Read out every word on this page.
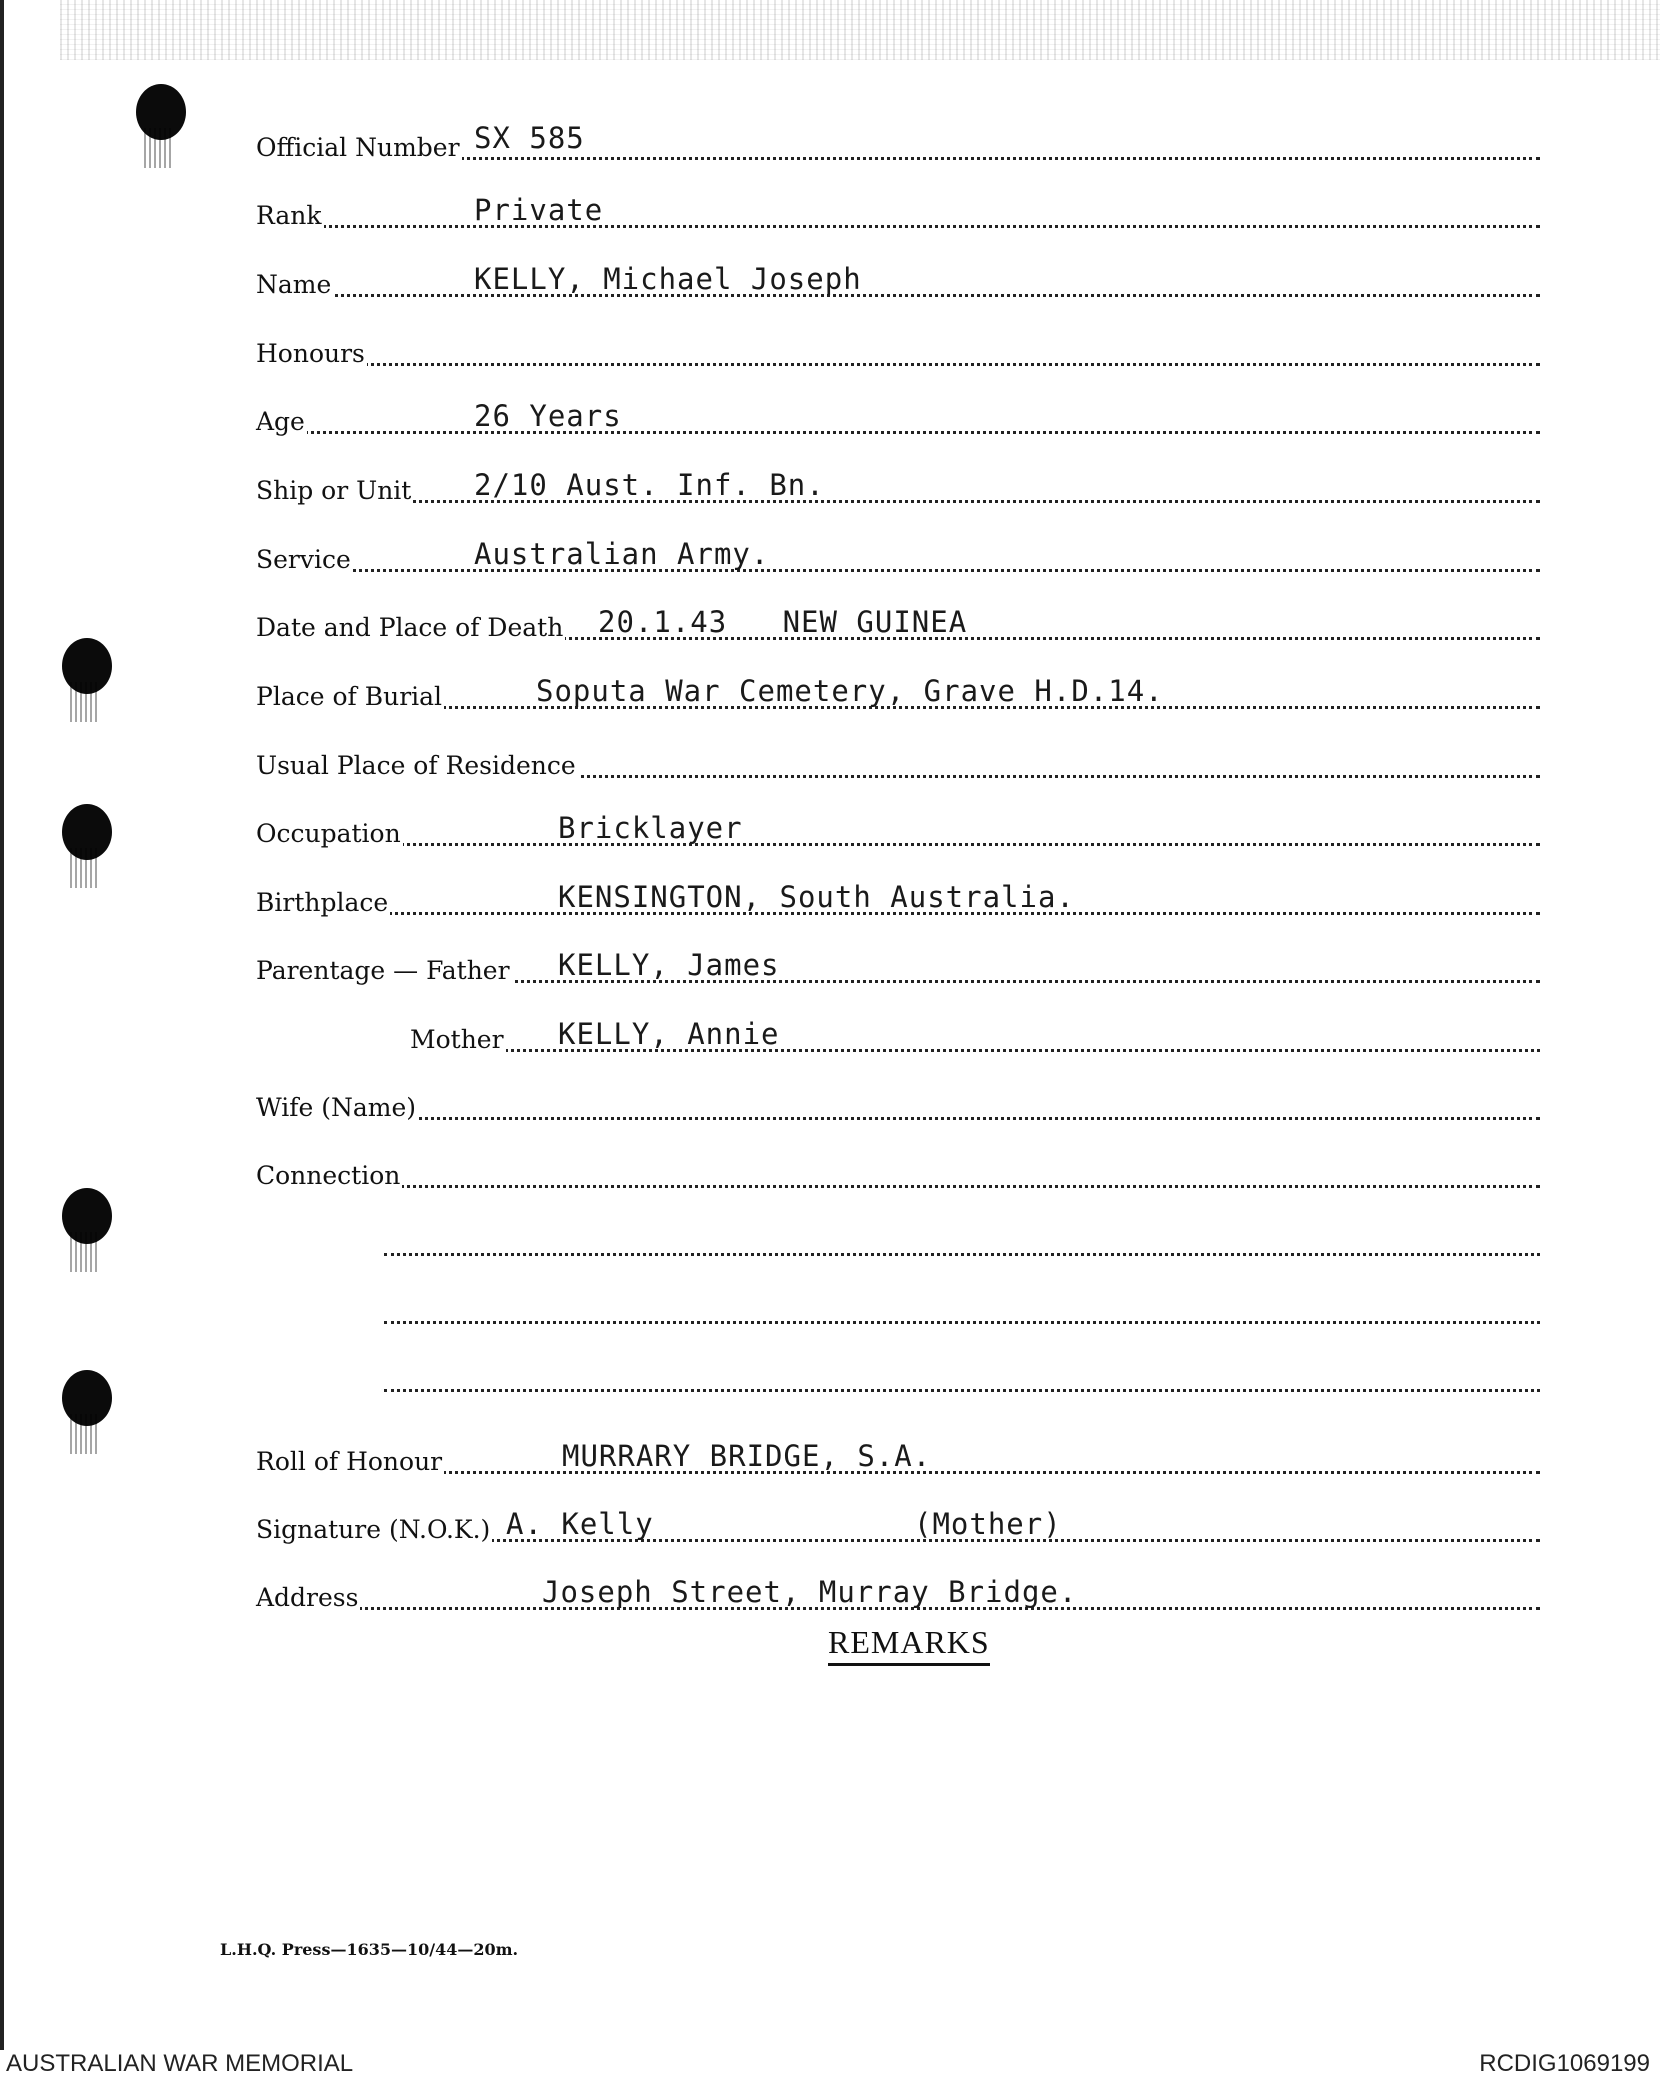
Official Number SX 585
Rank	Private
Name	KELLY, Michael Joseph
Honours
Age	26 Years
Ship or Unit 2/10 Aust. Inf. Bn.
Service	Australian Army.
Date and Place of Death 20.1.43   NEW GUINEA
Place of Burial	Soputa War Cemetery, Grave H.D.14.
Usual Place of Residence
Occupation	Bricklayer
Birthplace	KENSINGTON, South Australia.
Parentage — Father KELLY, James
Mother KELLY, Annie
Wife (Name)
Connection
Roll of Honour	MURRARY BRIDGE, S.A.
Signature (N.O.K.) A. Kelly	(Mother)
Address	Joseph Street, Murray Bridge.
REMARKS
L.H.Q. Press—1635—10/44—20m.
AUSTRALIAN WAR MEMORIAL	RCDIG1069199
